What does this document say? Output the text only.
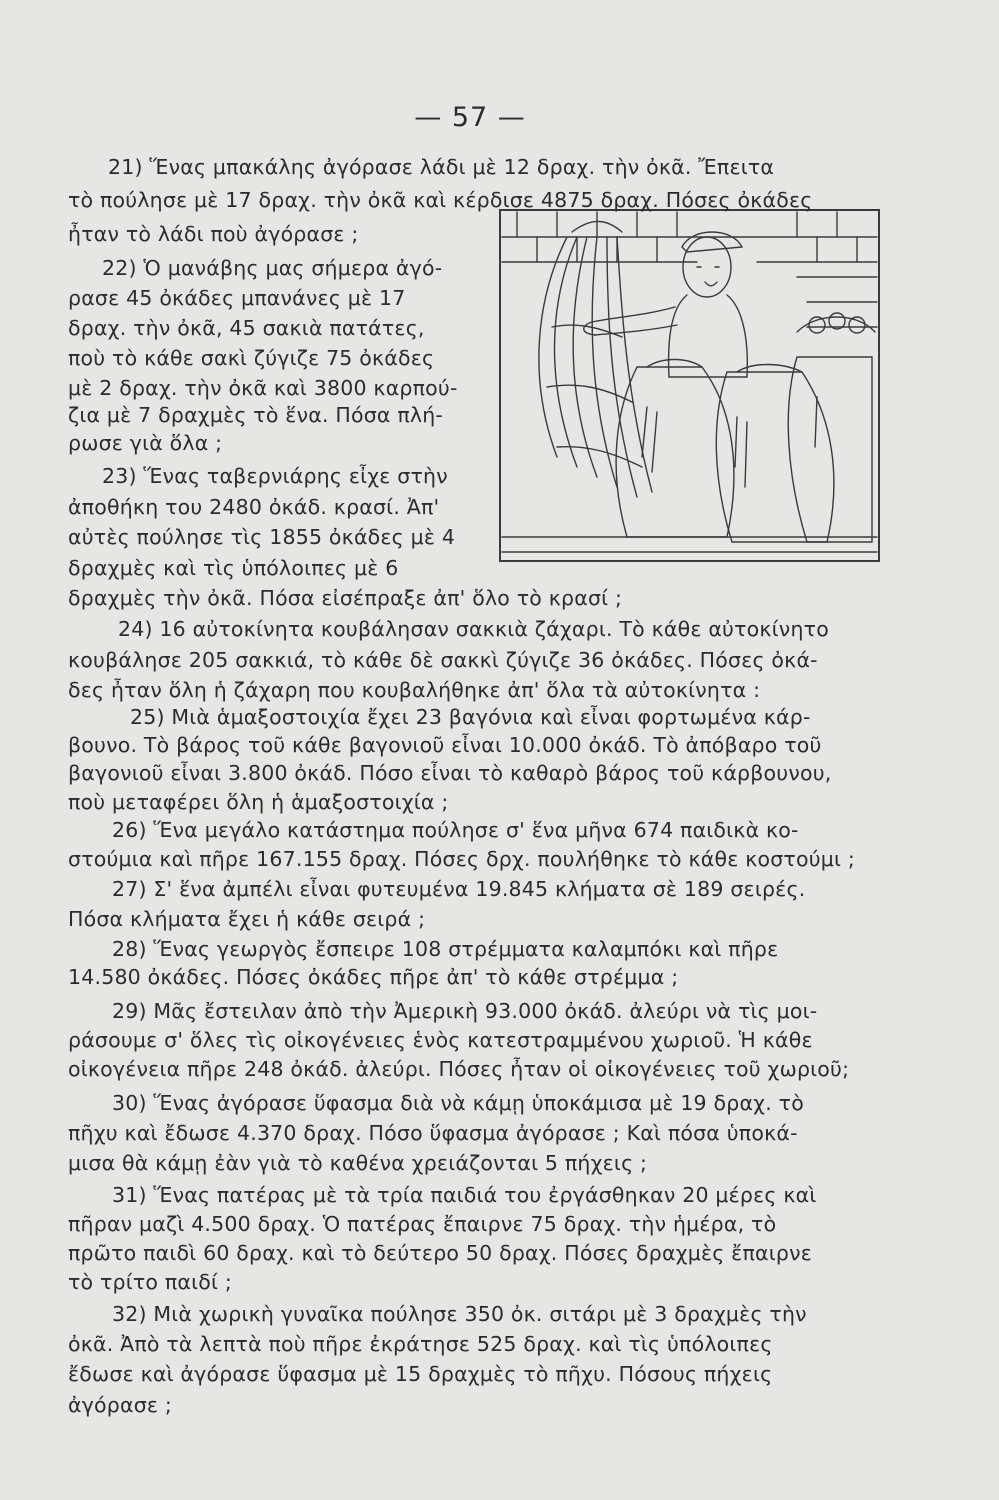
— 57 —
21) Ἕνας μπακάλης ἀγόρασε λάδι μὲ 12 δραχ. τὴν ὀκᾶ. Ἔπειτα
τὸ πούλησε μὲ 17 δραχ. τὴν ὀκᾶ καὶ κέρδισε 4875 δραχ. Πόσες ὀκάδες
ἦταν τὸ λάδι ποὺ ἀγόρασε ;
22) Ὁ μανάβης μας σήμερα ἀγό-
ρασε 45 ὀκάδες μπανάνες μὲ 17
δραχ. τὴν ὀκᾶ, 45 σακιὰ πατάτες,
ποὺ τὸ κάθε σακὶ ζύγιζε 75 ὀκάδες
μὲ 2 δραχ. τὴν ὀκᾶ καὶ 3800 καρπού-
ζια μὲ 7 δραχμὲς τὸ ἕνα. Πόσα πλή-
ρωσε γιὰ ὅλα ;
23) Ἕνας ταβερνιάρης εἶχε στὴν
ἀποθήκη του 2480 ὀκάδ. κρασί. Ἀπ'
αὐτὲς πούλησε τὶς 1855 ὀκάδες μὲ 4
δραχμὲς καὶ τὶς ὑπόλοιπες μὲ 6
δραχμὲς τὴν ὀκᾶ. Πόσα εἰσέπραξε ἀπ' ὅλο τὸ κρασί ;
24) 16 αὐτοκίνητα κουβάλησαν σακκιὰ ζάχαρι. Τὸ κάθε αὐτοκίνητο
κουβάλησε 205 σακκιά, τὸ κάθε δὲ σακκὶ ζύγιζε 36 ὀκάδες. Πόσες ὀκά-
δες ἦταν ὅλη ἡ ζάχαρη που κουβαλήθηκε ἀπ' ὅλα τὰ αὐτοκίνητα :
25) Μιὰ ἁμαξοστοιχία ἔχει 23 βαγόνια καὶ εἶναι φορτωμένα κάρ-
βουνο. Τὸ βάρος τοῦ κάθε βαγονιοῦ εἶναι 10.000 ὀκάδ. Τὸ ἀπόβαρο τοῦ
βαγονιοῦ εἶναι 3.800 ὀκάδ. Πόσο εἶναι τὸ καθαρὸ βάρος τοῦ κάρβουνου,
ποὺ μεταφέρει ὅλη ἡ ἁμαξοστοιχία ;
26) Ἕνα μεγάλο κατάστημα πούλησε σ' ἕνα μῆνα 674 παιδικὰ κο-
στούμια καὶ πῆρε 167.155 δραχ. Πόσες δρχ. πουλήθηκε τὸ κάθε κοστούμι ;
27) Σ' ἕνα ἀμπέλι εἶναι φυτευμένα 19.845 κλήματα σὲ 189 σειρές.
Πόσα κλήματα ἔχει ἡ κάθε σειρά ;
28) Ἕνας γεωργὸς ἔσπειρε 108 στρέμματα καλαμπόκι καὶ πῆρε
14.580 ὀκάδες. Πόσες ὀκάδες πῆρε ἀπ' τὸ κάθε στρέμμα ;
29) Μᾶς ἔστειλαν ἀπὸ τὴν Ἀμερικὴ 93.000 ὀκάδ. ἀλεύρι νὰ τὶς μοι-
ράσουμε σ' ὅλες τὶς οἰκογένειες ἑνὸς κατεστραμμένου χωριοῦ. Ἡ κάθε
οἰκογένεια πῆρε 248 ὀκάδ. ἀλεύρι. Πόσες ἦταν οἱ οἰκογένειες τοῦ χωριοῦ;
30) Ἕνας ἀγόρασε ὕφασμα διὰ νὰ κάμῃ ὑποκάμισα μὲ 19 δραχ. τὸ
πῆχυ καὶ ἔδωσε 4.370 δραχ. Πόσο ὕφασμα ἀγόρασε ; Καὶ πόσα ὑποκά-
μισα θὰ κάμῃ ἐὰν γιὰ τὸ καθένα χρειάζονται 5 πήχεις ;
31) Ἕνας πατέρας μὲ τὰ τρία παιδιά του ἐργάσθηκαν 20 μέρες καὶ
πῆραν μαζὶ 4.500 δραχ. Ὁ πατέρας ἔπαιρνε 75 δραχ. τὴν ἡμέρα, τὸ
πρῶτο παιδὶ 60 δραχ. καὶ τὸ δεύτερο 50 δραχ. Πόσες δραχμὲς ἔπαιρνε
τὸ τρίτο παιδί ;
32) Μιὰ χωρικὴ γυναῖκα πούλησε 350 ὀκ. σιτάρι μὲ 3 δραχμὲς τὴν
ὀκᾶ. Ἀπὸ τὰ λεπτὰ ποὺ πῆρε ἐκράτησε 525 δραχ. καὶ τὶς ὑπόλοιπες
ἔδωσε καὶ ἀγόρασε ὕφασμα μὲ 15 δραχμὲς τὸ πῆχυ. Πόσους πήχεις
ἀγόρασε ;
